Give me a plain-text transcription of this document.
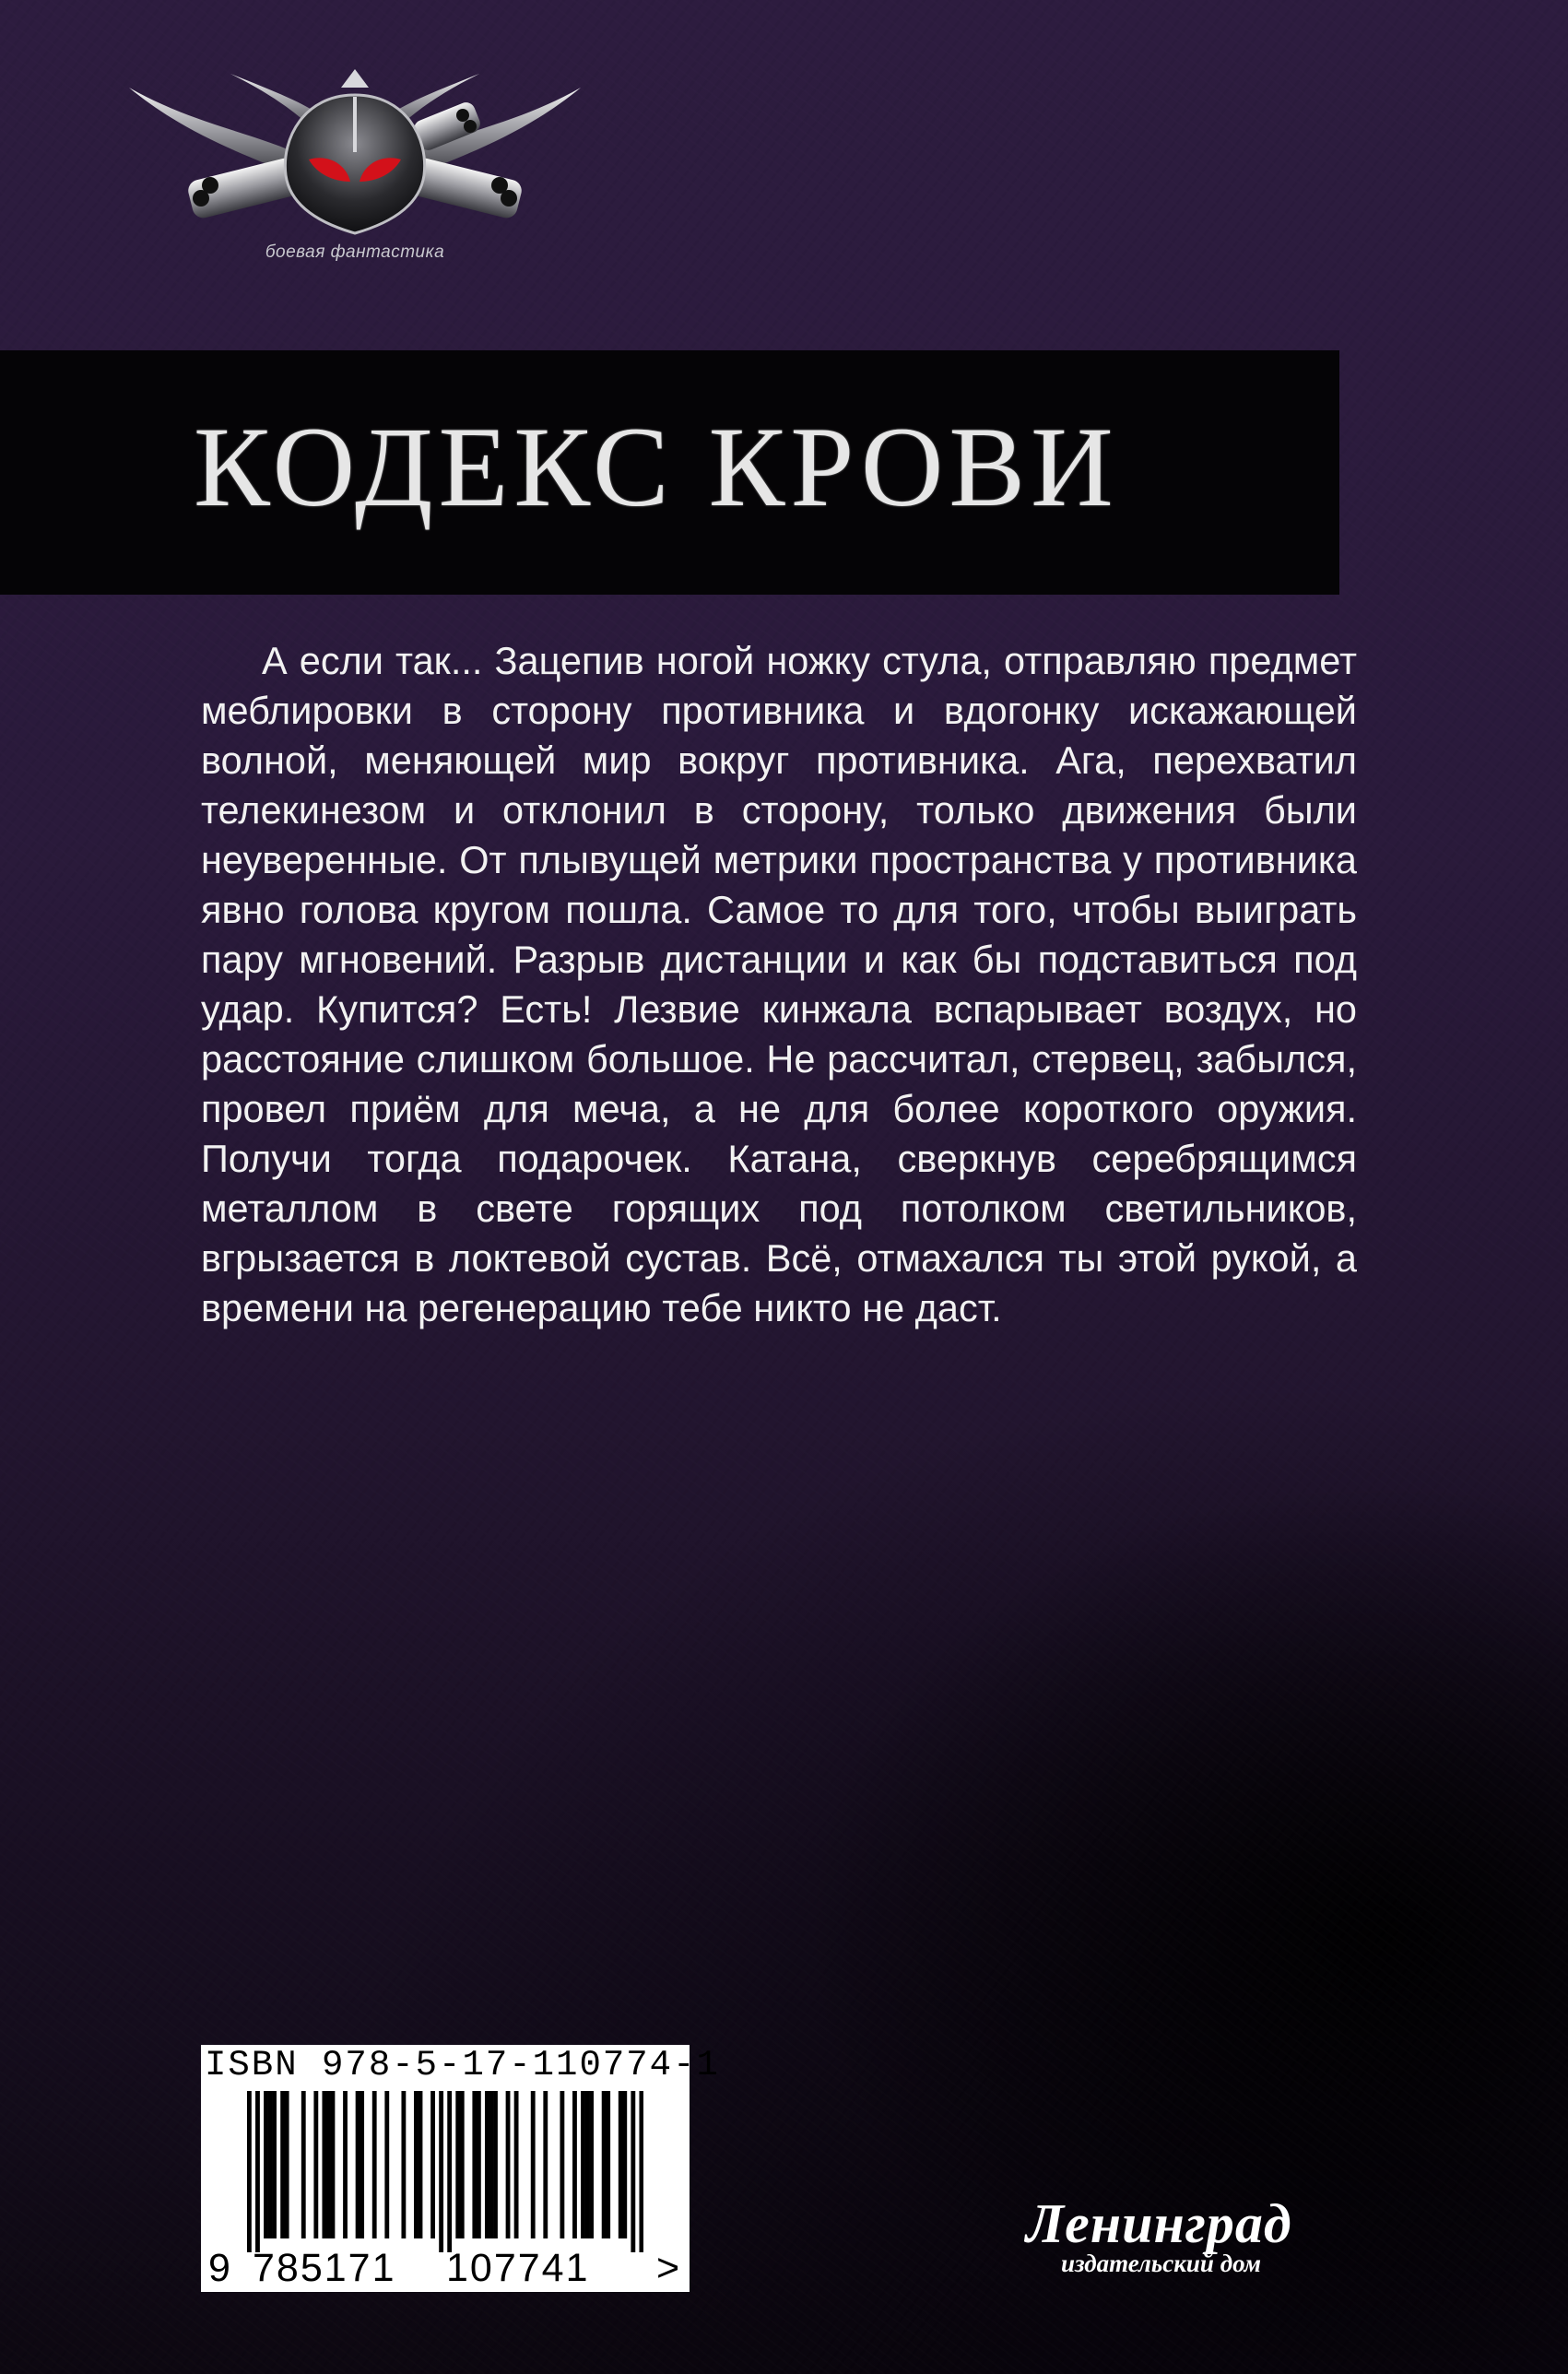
боевая фантастика
КОДЕКС КРОВИ

А если так... Зацепив ногой ножку стула, отправляю предмет меблировки в сторону противника и вдогонку искажающей волной, меняющей мир вокруг противника. Ага, перехватил телекинезом и отклонил в сторону, только движения были неуверенные. От плывущей метрики пространства у противника явно голова кругом пошла. Самое то для того, чтобы выиграть пару мгновений. Разрыв дистанции и как бы подставиться под удар. Купится? Есть! Лезвие кинжала вспарывает воздух, но расстояние слишком большое. Не рассчитал, стервец, забылся, провел приём для меча, а не для более короткого оружия. Получи тогда подарочек. Катана, сверкнув серебрящимся металлом в свете горящих под потолком светильников, вгрызается в локтевой сустав. Всё, отмахался ты этой рукой, а времени на регенерацию тебе никто не даст.

ISBN 978-5-17-110774-1
9 785171 107741 >
Ленинград
издательский дом
